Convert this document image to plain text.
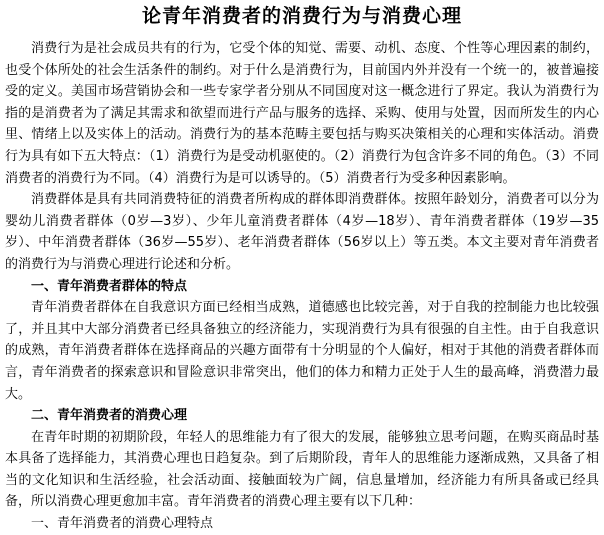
论青年消费者的消费行为与消费心理

消费行为是社会成员共有的行为，它受个体的知觉、需要、动机、态度、个性等心理因素的制约，也受个体所处的社会生活条件的制约。对于什么是消费行为，目前国内外并没有一个统一的，被普遍接受的定义。美国市场营销协会和一些专家学者分别从不同国度对这一概念进行了界定。我认为消费行为指的是消费者为了满足其需求和欲望而进行产品与服务的选择、采购、使用与处置，因而所发生的内心里、情绪上以及实体上的活动。消费行为的基本范畴主要包括与购买决策相关的心理和实体活动。消费行为具有如下五大特点：（1）消费行为是受动机驱使的。（2）消费行为包含许多不同的角色。（3）不同消费者的消费行为不同。（4）消费行为是可以诱导的。（5）消费者行为受多种因素影响。

消费群体是具有共同消费特征的消费者所构成的群体即消费群体。按照年龄划分，消费者可以分为婴幼儿消费者群体（0岁—3岁）、少年儿童消费者群体（4岁—18岁）、青年消费者群体（19岁—35岁）、中年消费者群体（36岁—55岁）、老年消费者群体（56岁以上）等五类。本文主要对青年消费者的消费行为与消费心理进行论述和分析。

一、青年消费者群体的特点

青年消费者群体在自我意识方面已经相当成熟，道德感也比较完善，对于自我的控制能力也比较强了，并且其中大部分消费者已经具备独立的经济能力，实现消费行为具有很强的自主性。由于自我意识的成熟，青年消费者群体在选择商品的兴趣方面带有十分明显的个人偏好，相对于其他的消费者群体而言，青年消费者的探索意识和冒险意识非常突出，他们的体力和精力正处于人生的最高峰，消费潜力最大。

二、青年消费者的消费心理

在青年时期的初期阶段，年轻人的思维能力有了很大的发展，能够独立思考问题，在购买商品时基本具备了选择能力，其消费心理也日趋复杂。到了后期阶段，青年人的思维能力逐渐成熟，又具备了相当的文化知识和生活经验，社会活动面、接触面较为广阔，信息量增加，经济能力有所具备或已经具备，所以消费心理更愈加丰富。青年消费者的消费心理主要有以下几种：

一、青年消费者的消费心理特点
